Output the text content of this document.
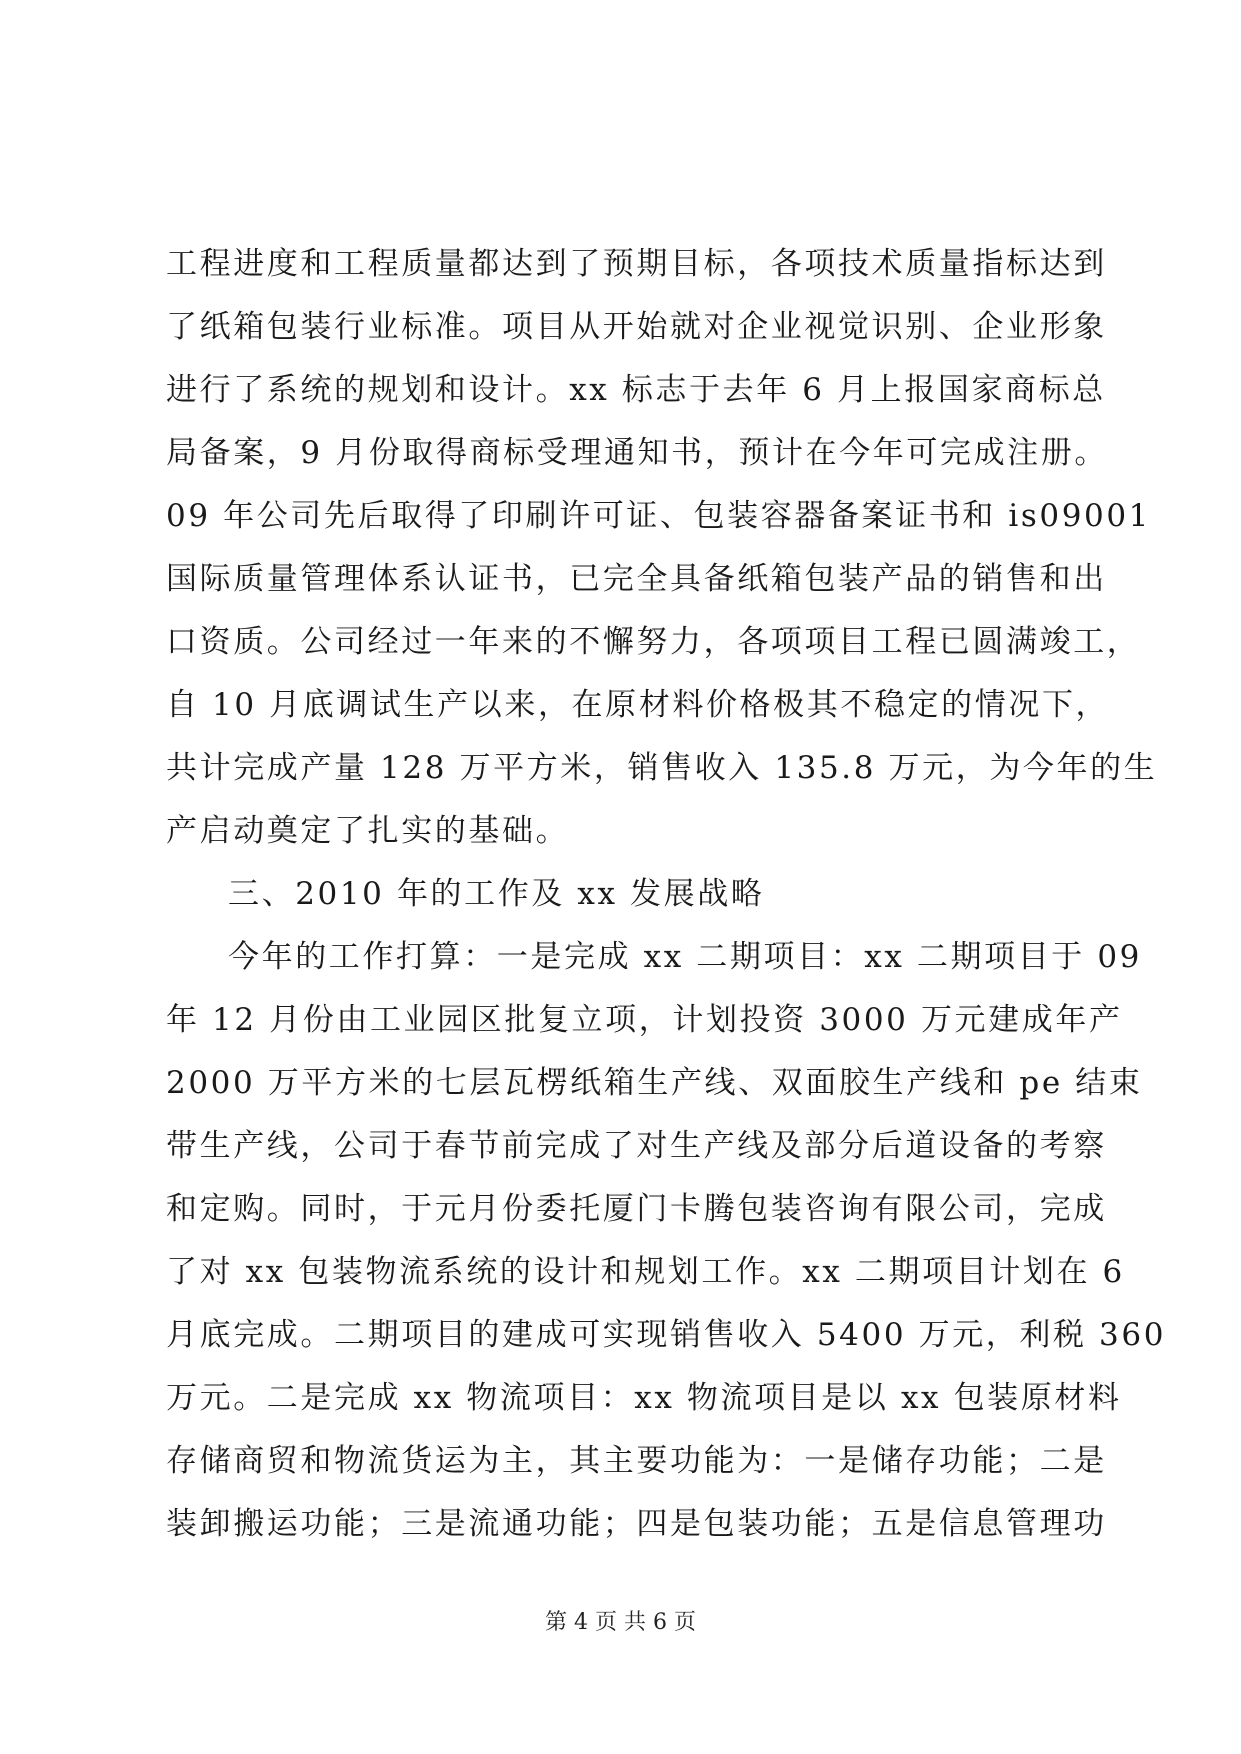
工程进度和工程质量都达到了预期目标，各项技术质量指标达到
了纸箱包装行业标准。项目从开始就对企业视觉识别、企业形象
进行了系统的规划和设计。xx 标志于去年 6 月上报国家商标总
局备案，9 月份取得商标受理通知书，预计在今年可完成注册。
09 年公司先后取得了印刷许可证、包装容器备案证书和 is09001
国际质量管理体系认证书，已完全具备纸箱包装产品的销售和出
口资质。公司经过一年来的不懈努力，各项项目工程已圆满竣工，
自 10 月底调试生产以来，在原材料价格极其不稳定的情况下，
共计完成产量 128 万平方米，销售收入 135.8 万元，为今年的生
产启动奠定了扎实的基础。
三、2010 年的工作及 xx 发展战略
今年的工作打算：一是完成 xx 二期项目：xx 二期项目于 09
年 12 月份由工业园区批复立项，计划投资 3000 万元建成年产
2000 万平方米的七层瓦楞纸箱生产线、双面胶生产线和 pe 结束
带生产线，公司于春节前完成了对生产线及部分后道设备的考察
和定购。同时，于元月份委托厦门卡腾包装咨询有限公司，完成
了对 xx 包装物流系统的设计和规划工作。xx 二期项目计划在 6
月底完成。二期项目的建成可实现销售收入 5400 万元，利税 360
万元。二是完成 xx 物流项目：xx 物流项目是以 xx 包装原材料
存储商贸和物流货运为主，其主要功能为：一是储存功能；二是
装卸搬运功能；三是流通功能；四是包装功能；五是信息管理功
第 4 页 共 6 页
